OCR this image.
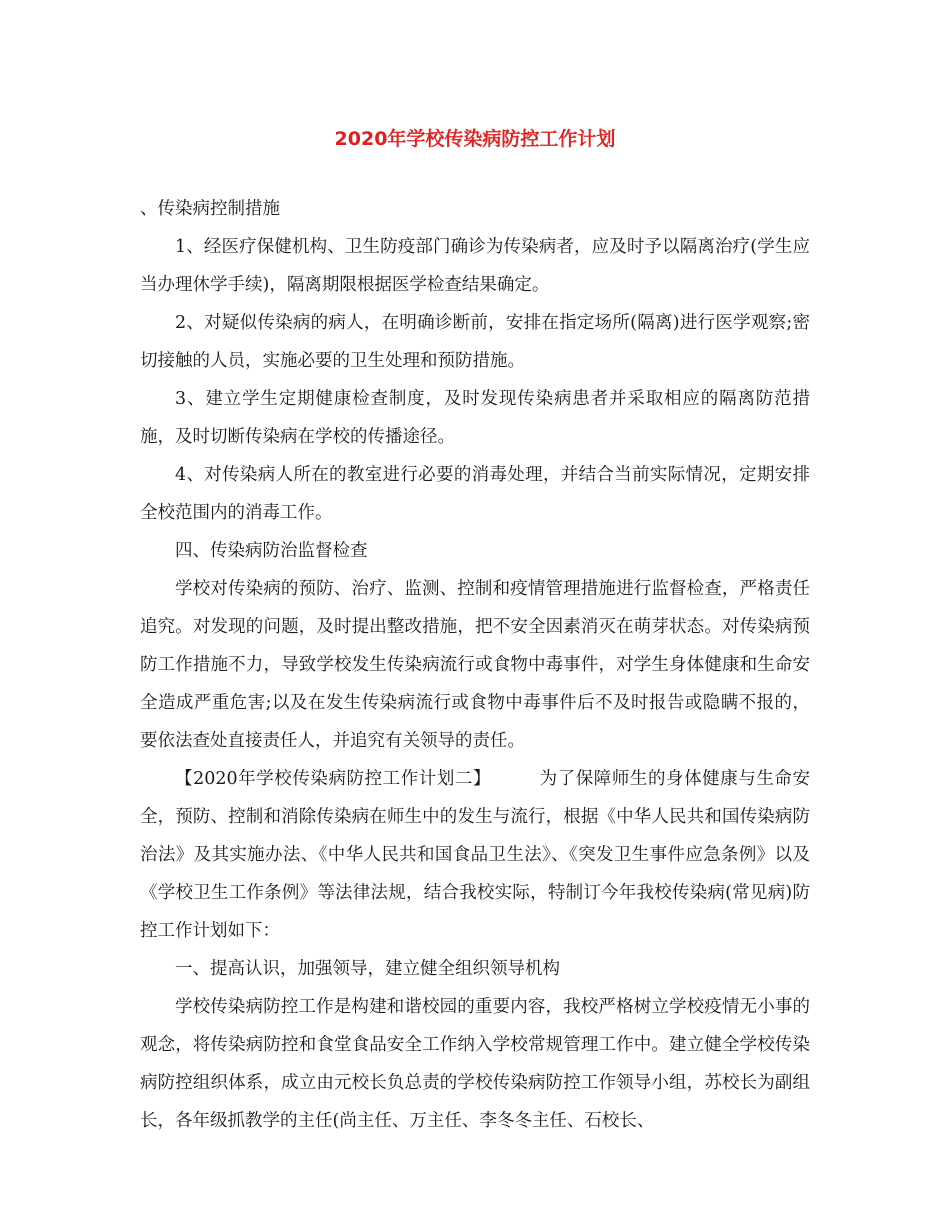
2020年学校传染病防控工作计划

、传染病控制措施

1、经医疗保健机构、卫生防疫部门确诊为传染病者，应及时予以隔离治疗(学生应当办理休学手续)，隔离期限根据医学检查结果确定。

2、对疑似传染病的病人，在明确诊断前，安排在指定场所(隔离)进行医学观察;密切接触的人员，实施必要的卫生处理和预防措施。

3、建立学生定期健康检查制度，及时发现传染病患者并采取相应的隔离防范措施，及时切断传染病在学校的传播途径。

4、对传染病人所在的教室进行必要的消毒处理，并结合当前实际情况，定期安排全校范围内的消毒工作。

四、传染病防治监督检查

学校对传染病的预防、治疗、监测、控制和疫情管理措施进行监督检查，严格责任追究。对发现的问题，及时提出整改措施，把不安全因素消灭在萌芽状态。对传染病预防工作措施不力，导致学校发生传染病流行或食物中毒事件，对学生身体健康和生命安全造成严重危害;以及在发生传染病流行或食物中毒事件后不及时报告或隐瞒不报的，要依法查处直接责任人，并追究有关领导的责任。

【2020年学校传染病防控工作计划二】	为了保障师生的身体健康与生命安全，预防、控制和消除传染病在师生中的发生与流行，根据《中华人民共和国传染病防治法》及其实施办法、《中华人民共和国食品卫生法》、《突发卫生事件应急条例》以及《学校卫生工作条例》等法律法规，结合我校实际，特制订今年我校传染病(常见病)防控工作计划如下：

一、提高认识，加强领导，建立健全组织领导机构

学校传染病防控工作是构建和谐校园的重要内容，我校严格树立学校疫情无小事的观念，将传染病防控和食堂食品安全工作纳入学校常规管理工作中。建立健全学校传染病防控组织体系，成立由元校长负总责的学校传染病防控工作领导小组，苏校长为副组长，各年级抓教学的主任(尚主任、万主任、李冬冬主任、石校长、
